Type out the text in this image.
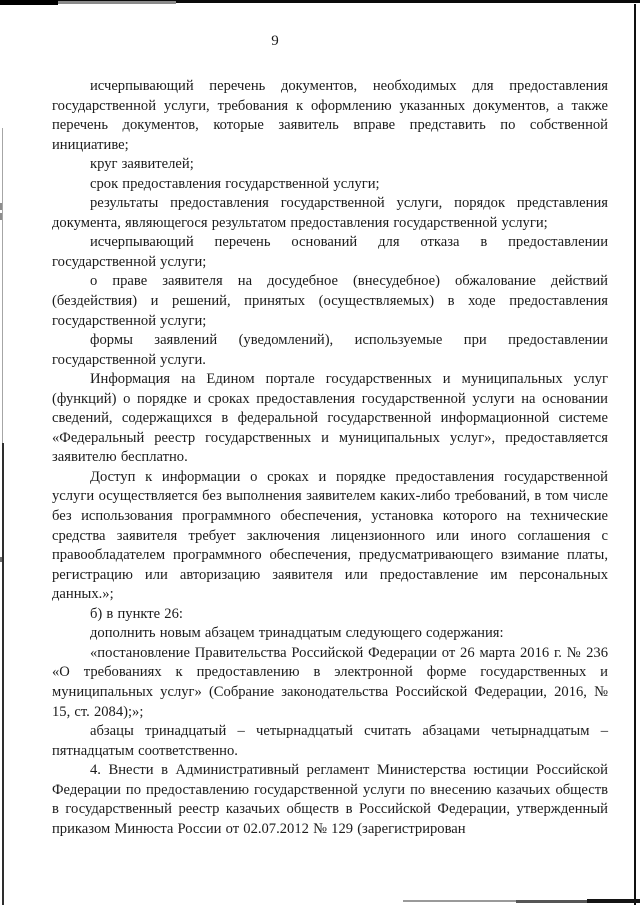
9

исчерпывающий перечень документов, необходимых для предоставления государственной услуги, требования к оформлению указанных документов, а также перечень документов, которые заявитель вправе представить по собственной инициативе;

круг заявителей;

срок предоставления государственной услуги;

результаты предоставления государственной услуги, порядок представления документа, являющегося результатом предоставления государственной услуги;

исчерпывающий перечень оснований для отказа в предоставлении государственной услуги;

о праве заявителя на досудебное (внесудебное) обжалование действий (бездействия) и решений, принятых (осуществляемых) в ходе предоставления государственной услуги;

формы заявлений (уведомлений), используемые при предоставлении государственной услуги.

Информация на Едином портале государственных и муниципальных услуг (функций) о порядке и сроках предоставления государственной услуги на основании сведений, содержащихся в федеральной государственной информационной системе «Федеральный реестр государственных и муниципальных услуг», предоставляется заявителю бесплатно.

Доступ к информации о сроках и порядке предоставления государственной услуги осуществляется без выполнения заявителем каких-либо требований, в том числе без использования программного обеспечения, установка которого на технические средства заявителя требует заключения лицензионного или иного соглашения с правообладателем программного обеспечения, предусматривающего взимание платы, регистрацию или авторизацию заявителя или предоставление им персональных данных.»;

б) в пункте 26:

дополнить новым абзацем тринадцатым следующего содержания:

«постановление Правительства Российской Федерации от 26 марта 2016 г. № 236 «О требованиях к предоставлению в электронной форме государственных и муниципальных услуг» (Собрание законодательства Российской Федерации, 2016, № 15, ст. 2084);»;

абзацы тринадцатый – четырнадцатый считать абзацами четырнадцатым – пятнадцатым соответственно.

4. Внести в Административный регламент Министерства юстиции Российской Федерации по предоставлению государственной услуги по внесению казачьих обществ в государственный реестр казачьих обществ в Российской Федерации, утвержденный приказом Минюста России от 02.07.2012 № 129 (зарегистрирован
